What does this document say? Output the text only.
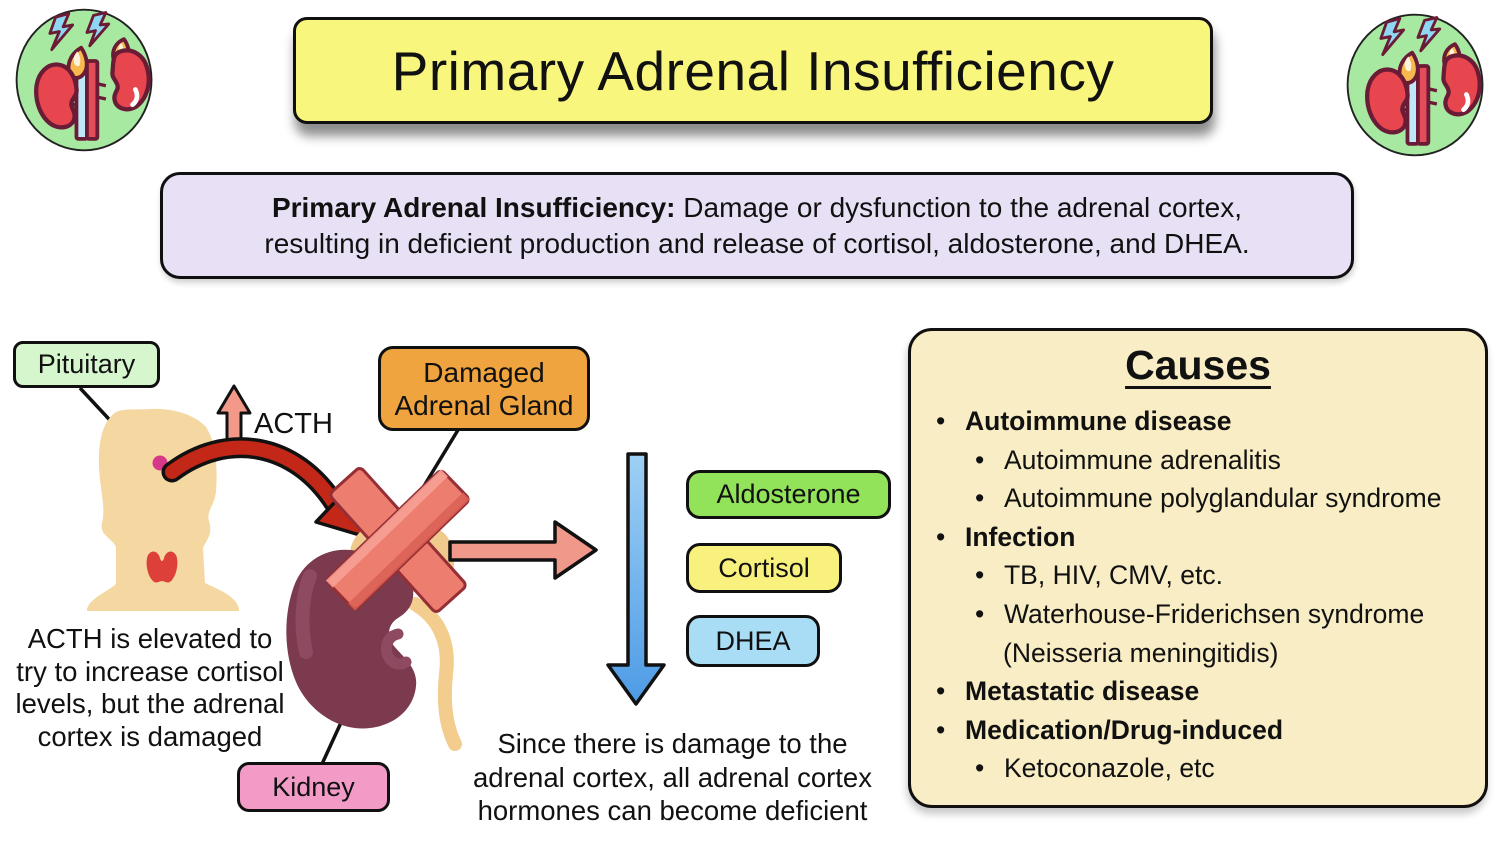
Primary Adrenal Insufficiency
Primary Adrenal Insufficiency: Damage or dysfunction to the adrenal cortex,
resulting in deficient production and release of cortisol, aldosterone, and DHEA.
Pituitary
ACTH
Damaged
Adrenal Gland
Aldosterone
Cortisol
DHEA
Kidney
ACTH is elevated to
try to increase cortisol
levels, but the adrenal
cortex is damaged	Since there is damage to the
adrenal cortex, all adrenal cortex
hormones can become deficient
Causes
•
Autoimmune disease
•
Autoimmune adrenalitis
•
Autoimmune polyglandular syndrome
•
Infection
•
TB, HIV, CMV, etc.
•
Waterhouse-Friderichsen syndrome
(Neisseria meningitidis)
•
Metastatic disease
•
Medication/Drug-induced
•
Ketoconazole, etc
